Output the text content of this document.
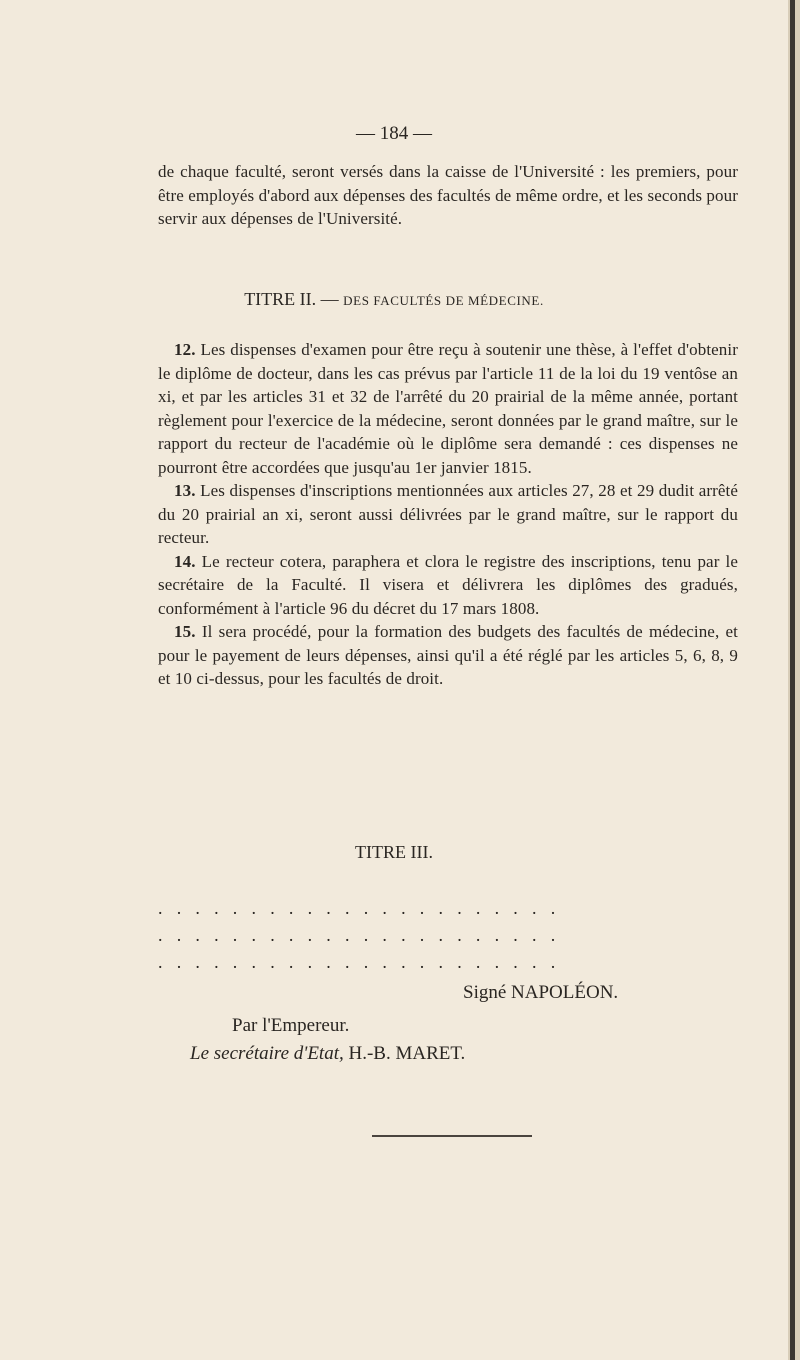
— 184 —

de chaque faculté, seront versés dans la caisse de l'Université : les premiers, pour être employés d'abord aux dépenses des facultés de même ordre, et les seconds pour servir aux dépenses de l'Université.

TITRE II. — DES FACULTÉS DE MÉDECINE.

12. Les dispenses d'examen pour être reçu à soutenir une thèse, à l'effet d'obtenir le diplôme de docteur, dans les cas prévus par l'article 11 de la loi du 19 ventôse an xi, et par les articles 31 et 32 de l'arrêté du 20 prairial de la même année, portant règlement pour l'exercice de la médecine, seront données par le grand maître, sur le rapport du recteur de l'académie où le diplôme sera demandé : ces dispenses ne pourront être accordées que jusqu'au 1er janvier 1815.

13. Les dispenses d'inscriptions mentionnées aux articles 27, 28 et 29 dudit arrêté du 20 prairial an xi, seront aussi délivrées par le grand maître, sur le rapport du recteur.

14. Le recteur cotera, paraphera et clora le registre des inscriptions, tenu par le secrétaire de la Faculté. Il visera et délivrera les diplômes des gradués, conformément à l'article 96 du décret du 17 mars 1808.

15. Il sera procédé, pour la formation des budgets des facultés de médecine, et pour le payement de leurs dépenses, ainsi qu'il a été réglé par les articles 5, 6, 8, 9 et 10 ci-dessus, pour les facultés de droit.

TITRE III.
......................
......................
......................
Signé NAPOLÉON.
Par l'Empereur.
Le secrétaire d'Etat, H.-B. MARET.
